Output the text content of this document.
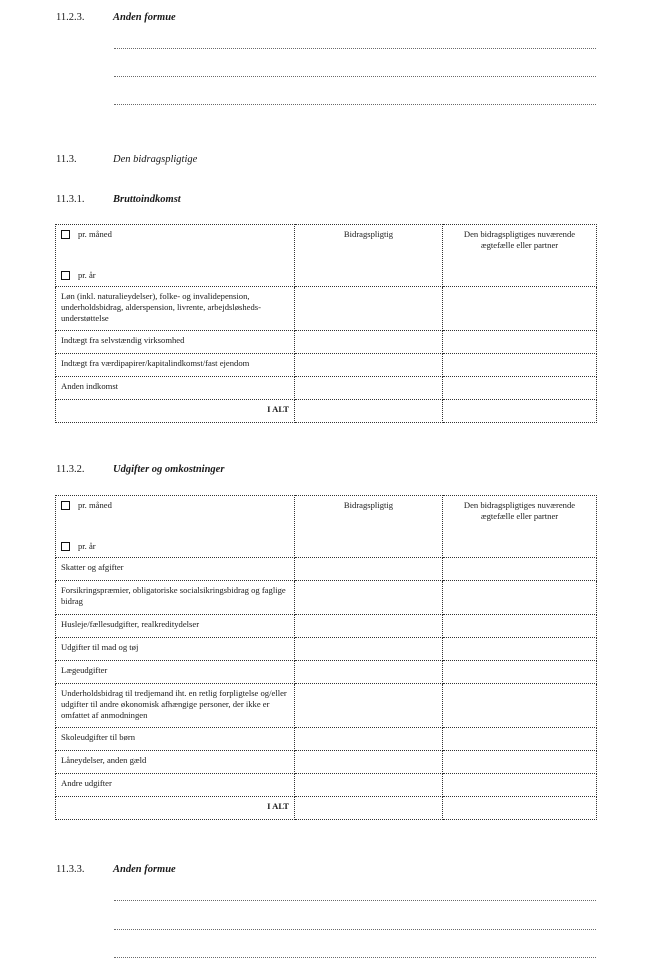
11.2.3.	Anden formue
11.3.	Den bidragspligtige
11.3.1.	Bruttoindkomst
pr. måned
pr. år	Bidragspligtig	Den bidragspligtiges nuværende ægtefælle eller partner
Løn (inkl. naturalieydelser), folke- og invalidepension, underholdsbidrag, alderspension, livrente, arbejdsløsheds-understøttelse		
Indtægt fra selvstændig virksomhed		
Indtægt fra værdipapirer/kapitalindkomst/fast ejendom		
Anden indkomst		
I ALT		
11.3.2.	Udgifter og omkostninger
pr. måned
pr. år	Bidragspligtig	Den bidragspligtiges nuværende ægtefælle eller partner
Skatter og afgifter		
Forsikringspræmier, obligatoriske socialsikringsbidrag og faglige bidrag		
Husleje/fællesudgifter, realkreditydelser		
Udgifter til mad og tøj		
Lægeudgifter		
Underholdsbidrag til tredjemand iht. en retlig forpligtelse og/eller udgifter til andre økonomisk afhængige personer, der ikke er omfattet af anmodningen		
Skoleudgifter til børn		
Låneydelser, anden gæld		
Andre udgifter		
I ALT		
11.3.3.	Anden formue
